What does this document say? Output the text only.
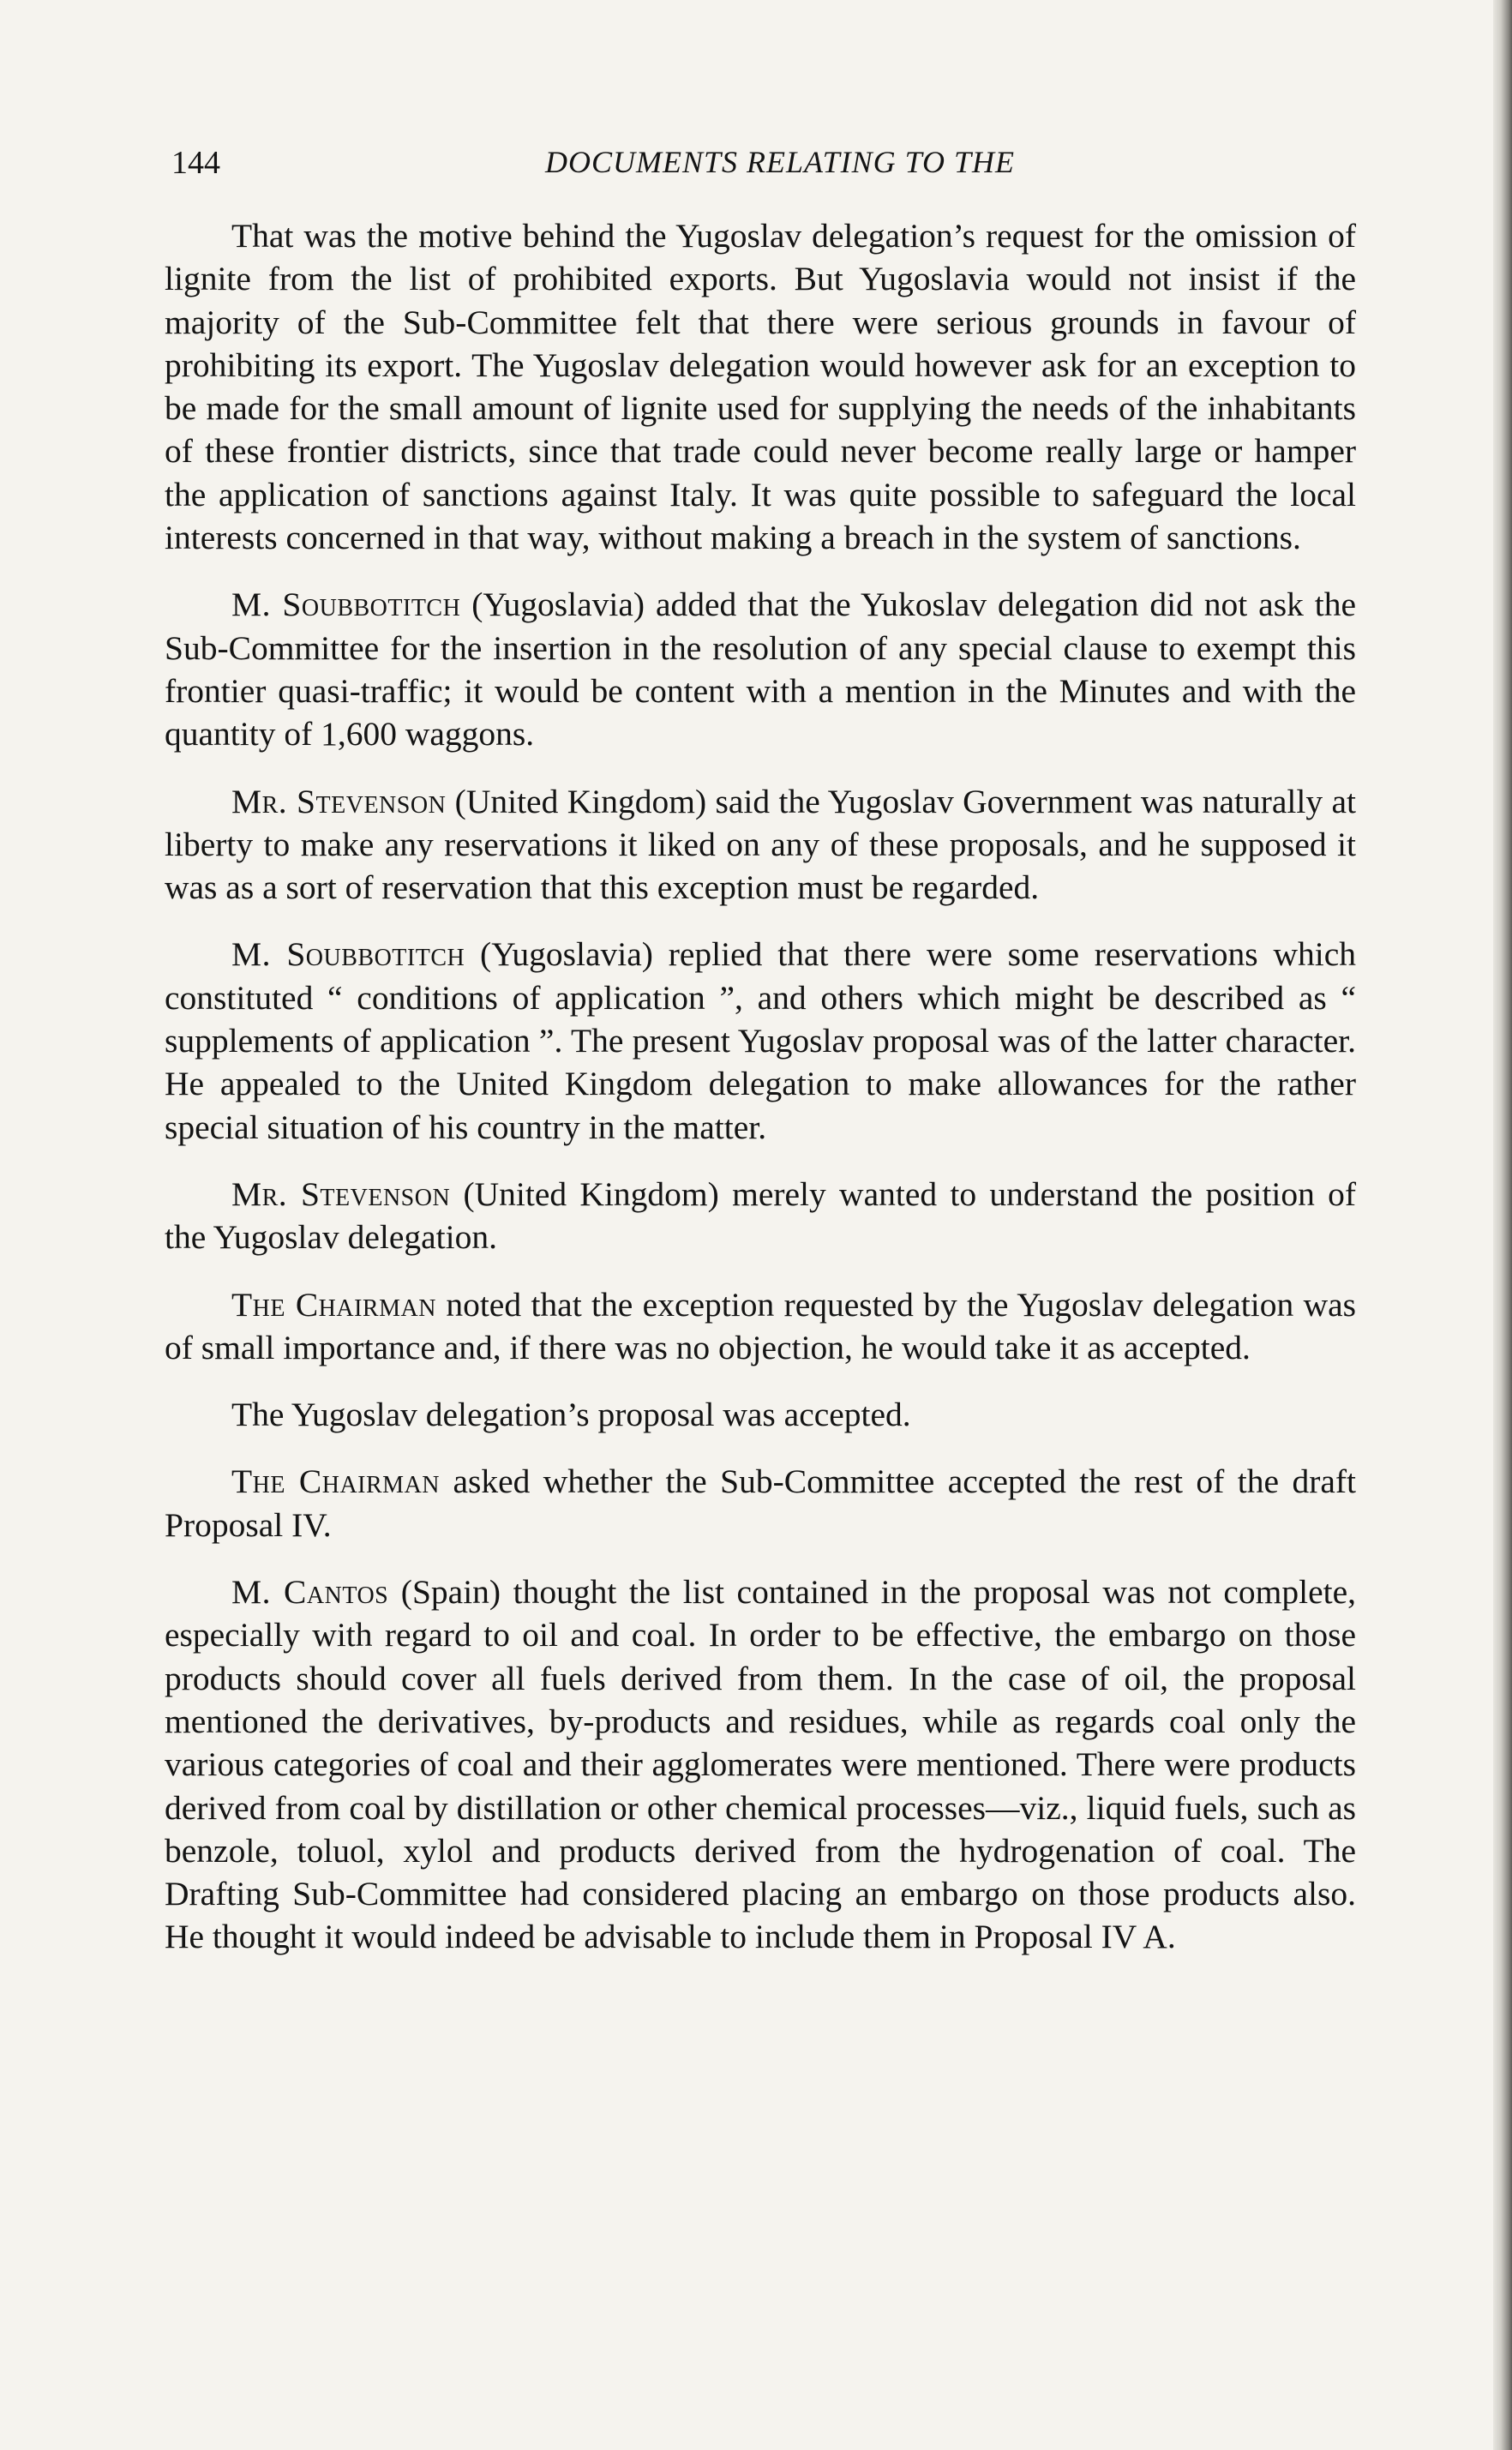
144	DOCUMENTS RELATING TO THE

That was the motive behind the Yugoslav delegation’s request for the omission of lignite from the list of prohibited exports. But Yugoslavia would not insist if the majority of the Sub-Committee felt that there were serious grounds in favour of prohibiting its export. The Yugoslav delegation would however ask for an exception to be made for the small amount of lignite used for supplying the needs of the inhabitants of these frontier districts, since that trade could never become really large or hamper the application of sanctions against Italy. It was quite possible to safeguard the local interests concerned in that way, without making a breach in the system of sanctions.

M. Soubbotitch (Yugoslavia) added that the Yukoslav delegation did not ask the Sub-Committee for the insertion in the resolution of any special clause to exempt this frontier quasi-traffic; it would be content with a mention in the Minutes and with the quantity of 1,600 waggons.

Mr. Stevenson (United Kingdom) said the Yugoslav Government was naturally at liberty to make any reservations it liked on any of these proposals, and he supposed it was as a sort of reservation that this exception must be regarded.

M. Soubbotitch (Yugoslavia) replied that there were some reservations which constituted “ conditions of application ”, and others which might be described as “ supplements of application ”. The present Yugoslav proposal was of the latter character. He appealed to the United Kingdom delegation to make allowances for the rather special situation of his country in the matter.

Mr. Stevenson (United Kingdom) merely wanted to understand the position of the Yugoslav delegation.

The Chairman noted that the exception requested by the Yugoslav delegation was of small importance and, if there was no objection, he would take it as accepted.

The Yugoslav delegation’s proposal was accepted.

The Chairman asked whether the Sub-Committee accepted the rest of the draft Proposal IV.

M. Cantos (Spain) thought the list contained in the proposal was not complete, especially with regard to oil and coal. In order to be effective, the embargo on those products should cover all fuels derived from them. In the case of oil, the proposal mentioned the derivatives, by-products and residues, while as regards coal only the various categories of coal and their agglomerates were mentioned. There were products derived from coal by distillation or other chemical processes—viz., liquid fuels, such as benzole, toluol, xylol and products derived from the hydrogenation of coal. The Drafting Sub-Committee had considered placing an embargo on those products also. He thought it would indeed be advisable to include them in Proposal IV A.
